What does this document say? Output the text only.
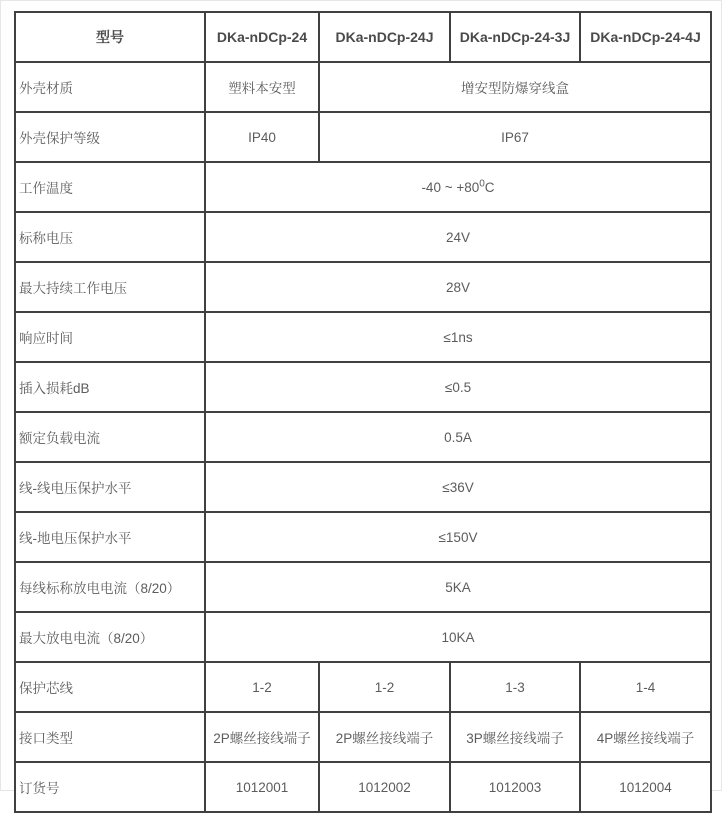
型号	DKa-nDCp-24	DKa-nDCp-24J	DKa-nDCp-24-3J	DKa-nDCp-24-4J
外壳材质	塑料本安型	增安型防爆穿线盒		
外壳保护等级	IP40	IP67		
工作温度	-40 ~ $+80^0C$			
标称电压	24V			
最大持续工作电压	28V			
响应时间	≤1ns			
插入损耗dB	≤0.5			
额定负载电流	0.5A			
线-线电压保护水平	≤36V			
线-地电压保护水平	≤150V			
每线标称放电电流（8/20）	5KA			
最大放电电流（8/20）	10KA			
保护芯线	1-2	1-2	1-3	1-4
接口类型	2P螺丝接线端子	2P螺丝接线端子	3P螺丝接线端子	4P螺丝接线端子
订货号	1012001	1012002	1012003	1012004
